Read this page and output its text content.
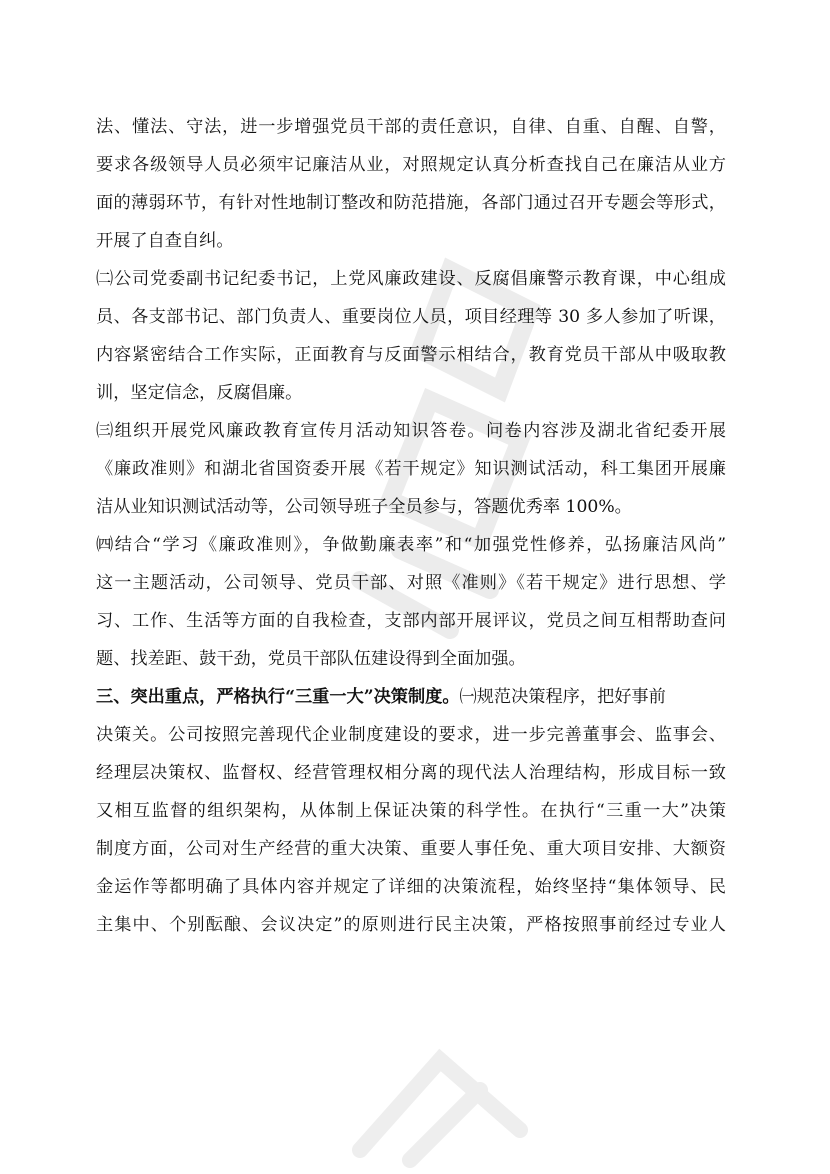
法、懂法、守法，进一步增强党员干部的责任意识，自律、自重、自醒、自警，
要求各级领导人员必须牢记廉洁从业，对照规定认真分析查找自己在廉洁从业方
面的薄弱环节，有针对性地制订整改和防范措施，各部门通过召开专题会等形式，
开展了自查自纠。
㈡公司党委副书记纪委书记，上党风廉政建设、反腐倡廉警示教育课，中心组成
员、各支部书记、部门负责人、重要岗位人员，项目经理等 30 多人参加了听课，
内容紧密结合工作实际，正面教育与反面警示相结合，教育党员干部从中吸取教
训，坚定信念，反腐倡廉。
㈢组织开展党风廉政教育宣传月活动知识答卷。问卷内容涉及湖北省纪委开展
《廉政准则》和湖北省国资委开展《若干规定》知识测试活动，科工集团开展廉
洁从业知识测试活动等，公司领导班子全员参与，答题优秀率 100%。
㈣结合“学习《廉政准则》，争做勤廉表率”和“加强党性修养，弘扬廉洁风尚”
这一主题活动，公司领导、党员干部、对照《准则》《若干规定》进行思想、学
习、工作、生活等方面的自我检查，支部内部开展评议，党员之间互相帮助查问
题、找差距、鼓干劲，党员干部队伍建设得到全面加强。
三、突出重点，严格执行“三重一大”决策制度。㈠规范决策程序，把好事前
决策关。公司按照完善现代企业制度建设的要求，进一步完善董事会、监事会、
经理层决策权、监督权、经营管理权相分离的现代法人治理结构，形成目标一致
又相互监督的组织架构，从体制上保证决策的科学性。在执行“三重一大”决策
制度方面，公司对生产经营的重大决策、重要人事任免、重大项目安排、大额资
金运作等都明确了具体内容并规定了详细的决策流程，始终坚持“集体领导、民
主集中、个别酝酿、会议决定”的原则进行民主决策，严格按照事前经过专业人
